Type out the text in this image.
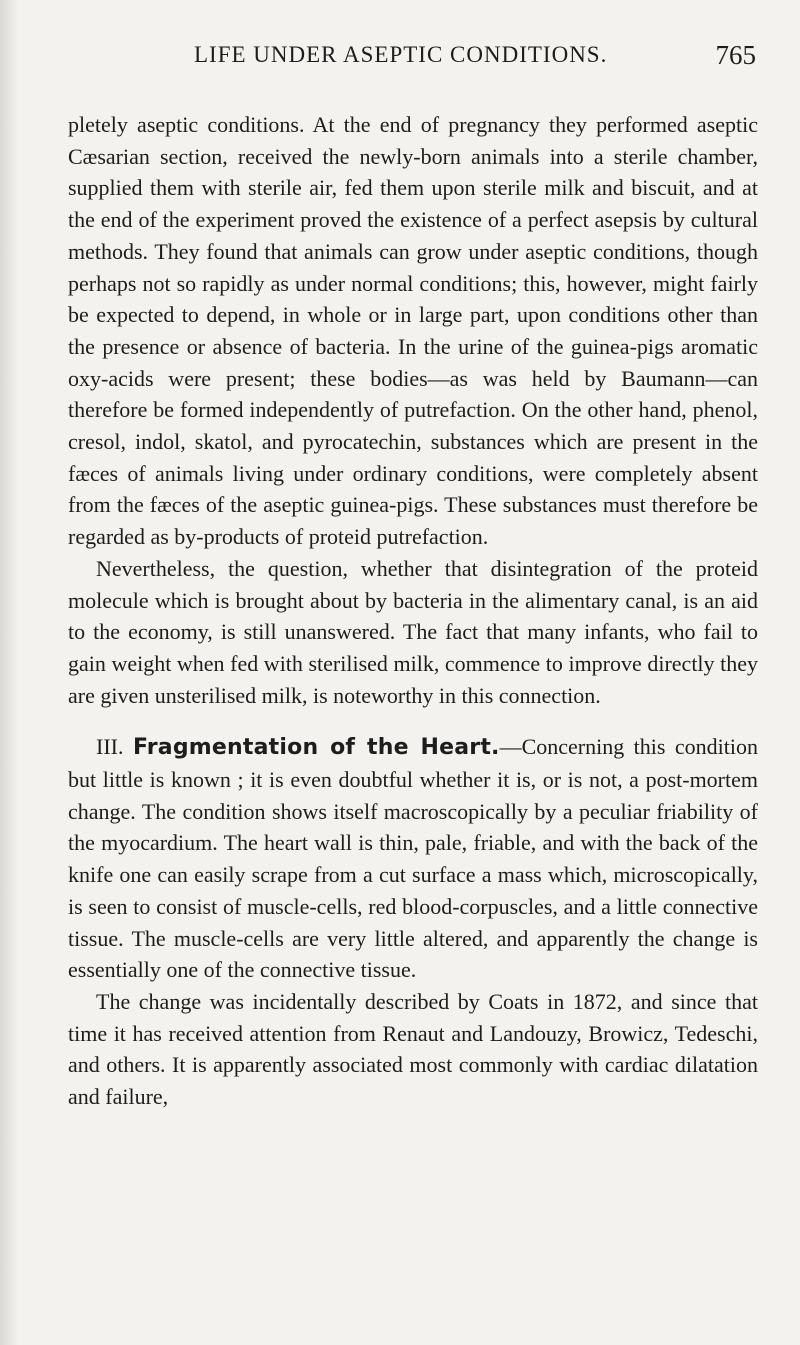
LIFE UNDER ASEPTIC CONDITIONS.	765

pletely aseptic conditions. At the end of pregnancy they performed aseptic Cæsarian section, received the newly-born animals into a sterile chamber, supplied them with sterile air, fed them upon sterile milk and biscuit, and at the end of the experiment proved the existence of a perfect asepsis by cultural methods. They found that animals can grow under aseptic conditions, though perhaps not so rapidly as under normal conditions; this, however, might fairly be expected to depend, in whole or in large part, upon conditions other than the presence or absence of bacteria. In the urine of the guinea-pigs aromatic oxy-acids were present; these bodies—as was held by Baumann—can therefore be formed independently of putrefaction. On the other hand, phenol, cresol, indol, skatol, and pyrocatechin, substances which are present in the fæces of animals living under ordinary conditions, were completely absent from the fæces of the aseptic guinea-pigs. These substances must therefore be regarded as by-products of proteid putrefaction.

Nevertheless, the question, whether that disintegration of the proteid molecule which is brought about by bacteria in the alimentary canal, is an aid to the economy, is still unanswered. The fact that many infants, who fail to gain weight when fed with sterilised milk, commence to improve directly they are given unsterilised milk, is noteworthy in this connection.

III. Fragmentation of the Heart.—Concerning this condition but little is known ; it is even doubtful whether it is, or is not, a post-mortem change. The condition shows itself macroscopically by a peculiar friability of the myocardium. The heart wall is thin, pale, friable, and with the back of the knife one can easily scrape from a cut surface a mass which, microscopically, is seen to consist of muscle-cells, red blood-corpuscles, and a little connective tissue. The muscle-cells are very little altered, and apparently the change is essentially one of the connective tissue.

The change was incidentally described by Coats in 1872, and since that time it has received attention from Renaut and Landouzy, Browicz, Tedeschi, and others. It is apparently associated most commonly with cardiac dilatation and failure,
